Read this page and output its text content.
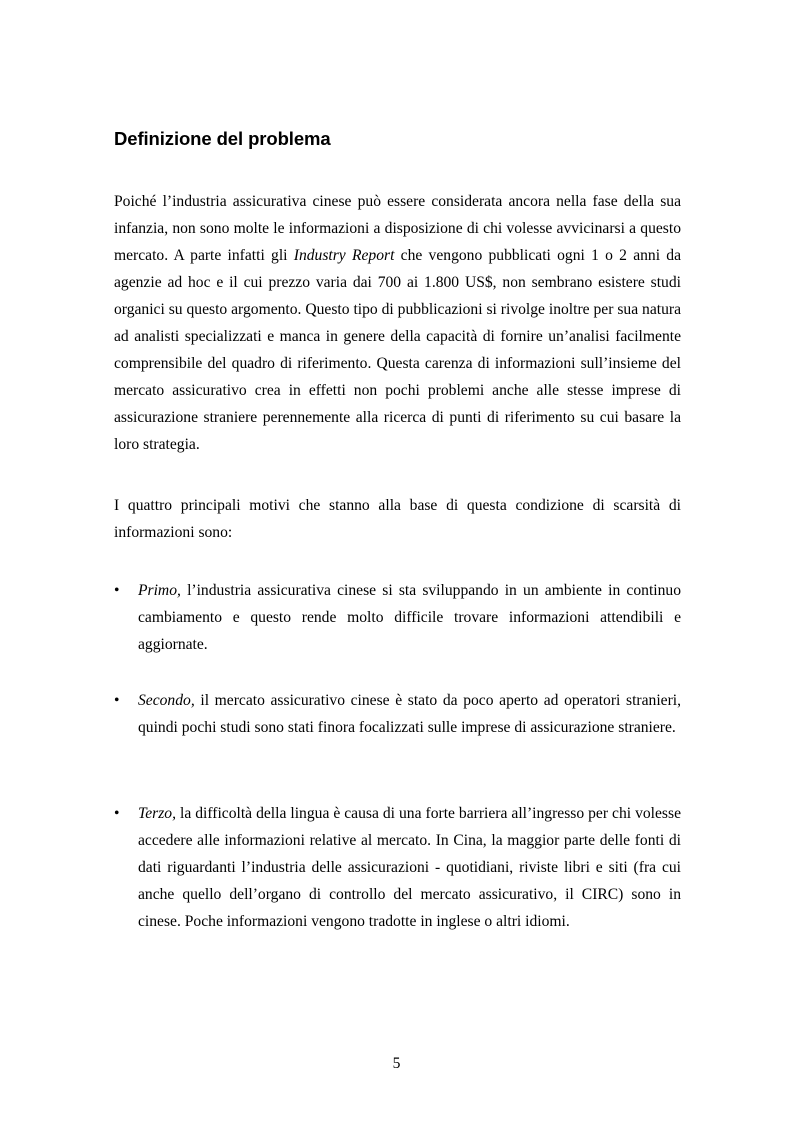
Definizione del problema

Poiché l’industria assicurativa cinese può essere considerata ancora nella fase della sua infanzia, non sono molte le informazioni a disposizione di chi volesse avvicinarsi a questo mercato. A parte infatti gli Industry Report che vengono pubblicati ogni 1 o 2 anni da agenzie ad hoc e il cui prezzo varia dai 700 ai 1.800 US$, non sembrano esistere studi organici su questo argomento. Questo tipo di pubblicazioni si rivolge inoltre per sua natura ad analisti specializzati e manca in genere della capacità di fornire un’analisi facilmente comprensibile del quadro di riferimento. Questa carenza di informazioni sull’insieme del mercato assicurativo crea in effetti non pochi problemi anche alle stesse imprese di assicurazione straniere perennemente alla ricerca di punti di riferimento su cui basare la loro strategia.

I quattro principali motivi che stanno alla base di questa condizione di scarsità di informazioni sono:

•	Primo, l’industria assicurativa cinese si sta sviluppando in un ambiente in continuo cambiamento e questo rende molto difficile trovare informazioni attendibili e aggiornate.
•	Secondo, il mercato assicurativo cinese è stato da poco aperto ad operatori stranieri, quindi pochi studi sono stati finora focalizzati sulle imprese di assicurazione straniere.
•	Terzo, la difficoltà della lingua è causa di una forte barriera all’ingresso per chi volesse accedere alle informazioni relative al mercato. In Cina, la maggior parte delle fonti di dati riguardanti l’industria delle assicurazioni - quotidiani, riviste libri e siti (fra cui anche quello dell’organo di controllo del mercato assicurativo, il CIRC) sono in cinese. Poche informazioni vengono tradotte in inglese o altri idiomi.
5
